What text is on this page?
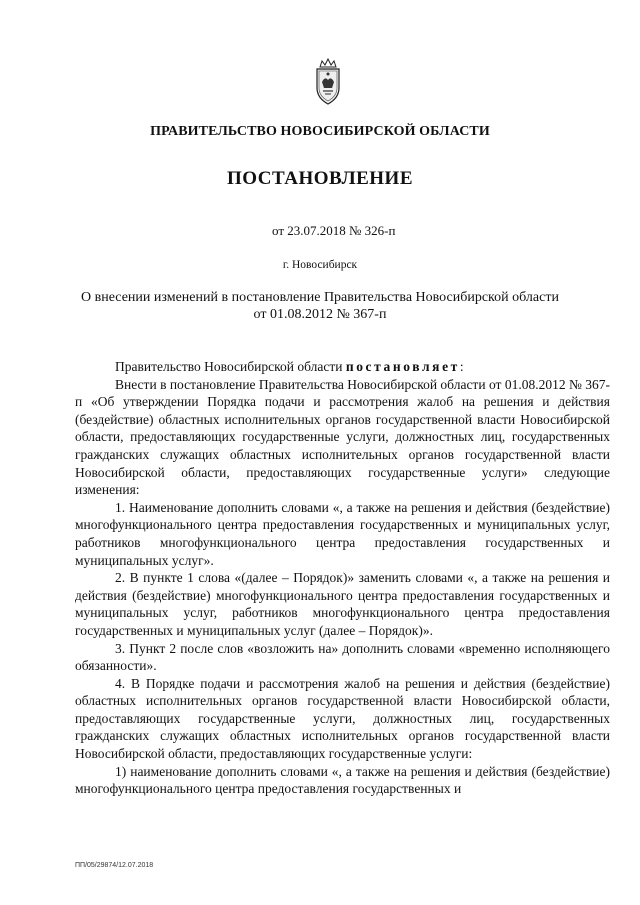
ПРАВИТЕЛЬСТВО НОВОСИБИРСКОЙ ОБЛАСТИ
ПОСТАНОВЛЕНИЕ
от 23.07.2018 № 326-п
г. Новосибирск
О внесении изменений в постановление Правительства Новосибирской области
от 01.08.2012 № 367-п

Правительство Новосибирской области постановляет:

Внести в постановление Правительства Новосибирской области от 01.08.2012 № 367-п «Об утверждении Порядка подачи и рассмотрения жалоб на решения и действия (бездействие) областных исполнительных органов государственной власти Новосибирской области, предоставляющих государственные услуги, должностных лиц, государственных гражданских служащих областных исполнительных органов государственной власти Новосибирской области, предоставляющих государственные услуги» следующие изменения:

1. Наименование дополнить словами «, а также на решения и действия (бездействие) многофункционального центра предоставления государственных и муниципальных услуг, работников многофункционального центра предоставления государственных и муниципальных услуг».

2. В пункте 1 слова «(далее – Порядок)» заменить словами «, а также на решения и действия (бездействие) многофункционального центра предоставления государственных и муниципальных услуг, работников многофункционального центра предоставления государственных и муниципальных услуг (далее – Порядок)».

3. Пункт 2 после слов «возложить на» дополнить словами «временно исполняющего обязанности».

4. В Порядке подачи и рассмотрения жалоб на решения и действия (бездействие) областных исполнительных органов государственной власти Новосибирской области, предоставляющих государственные услуги, должностных лиц, государственных гражданских служащих областных исполнительных органов государственной власти Новосибирской области, предоставляющих государственные услуги:

1) наименование дополнить словами «, а также на решения и действия (бездействие) многофункционального центра предоставления государственных и

ПП/05/29874/12.07.2018
